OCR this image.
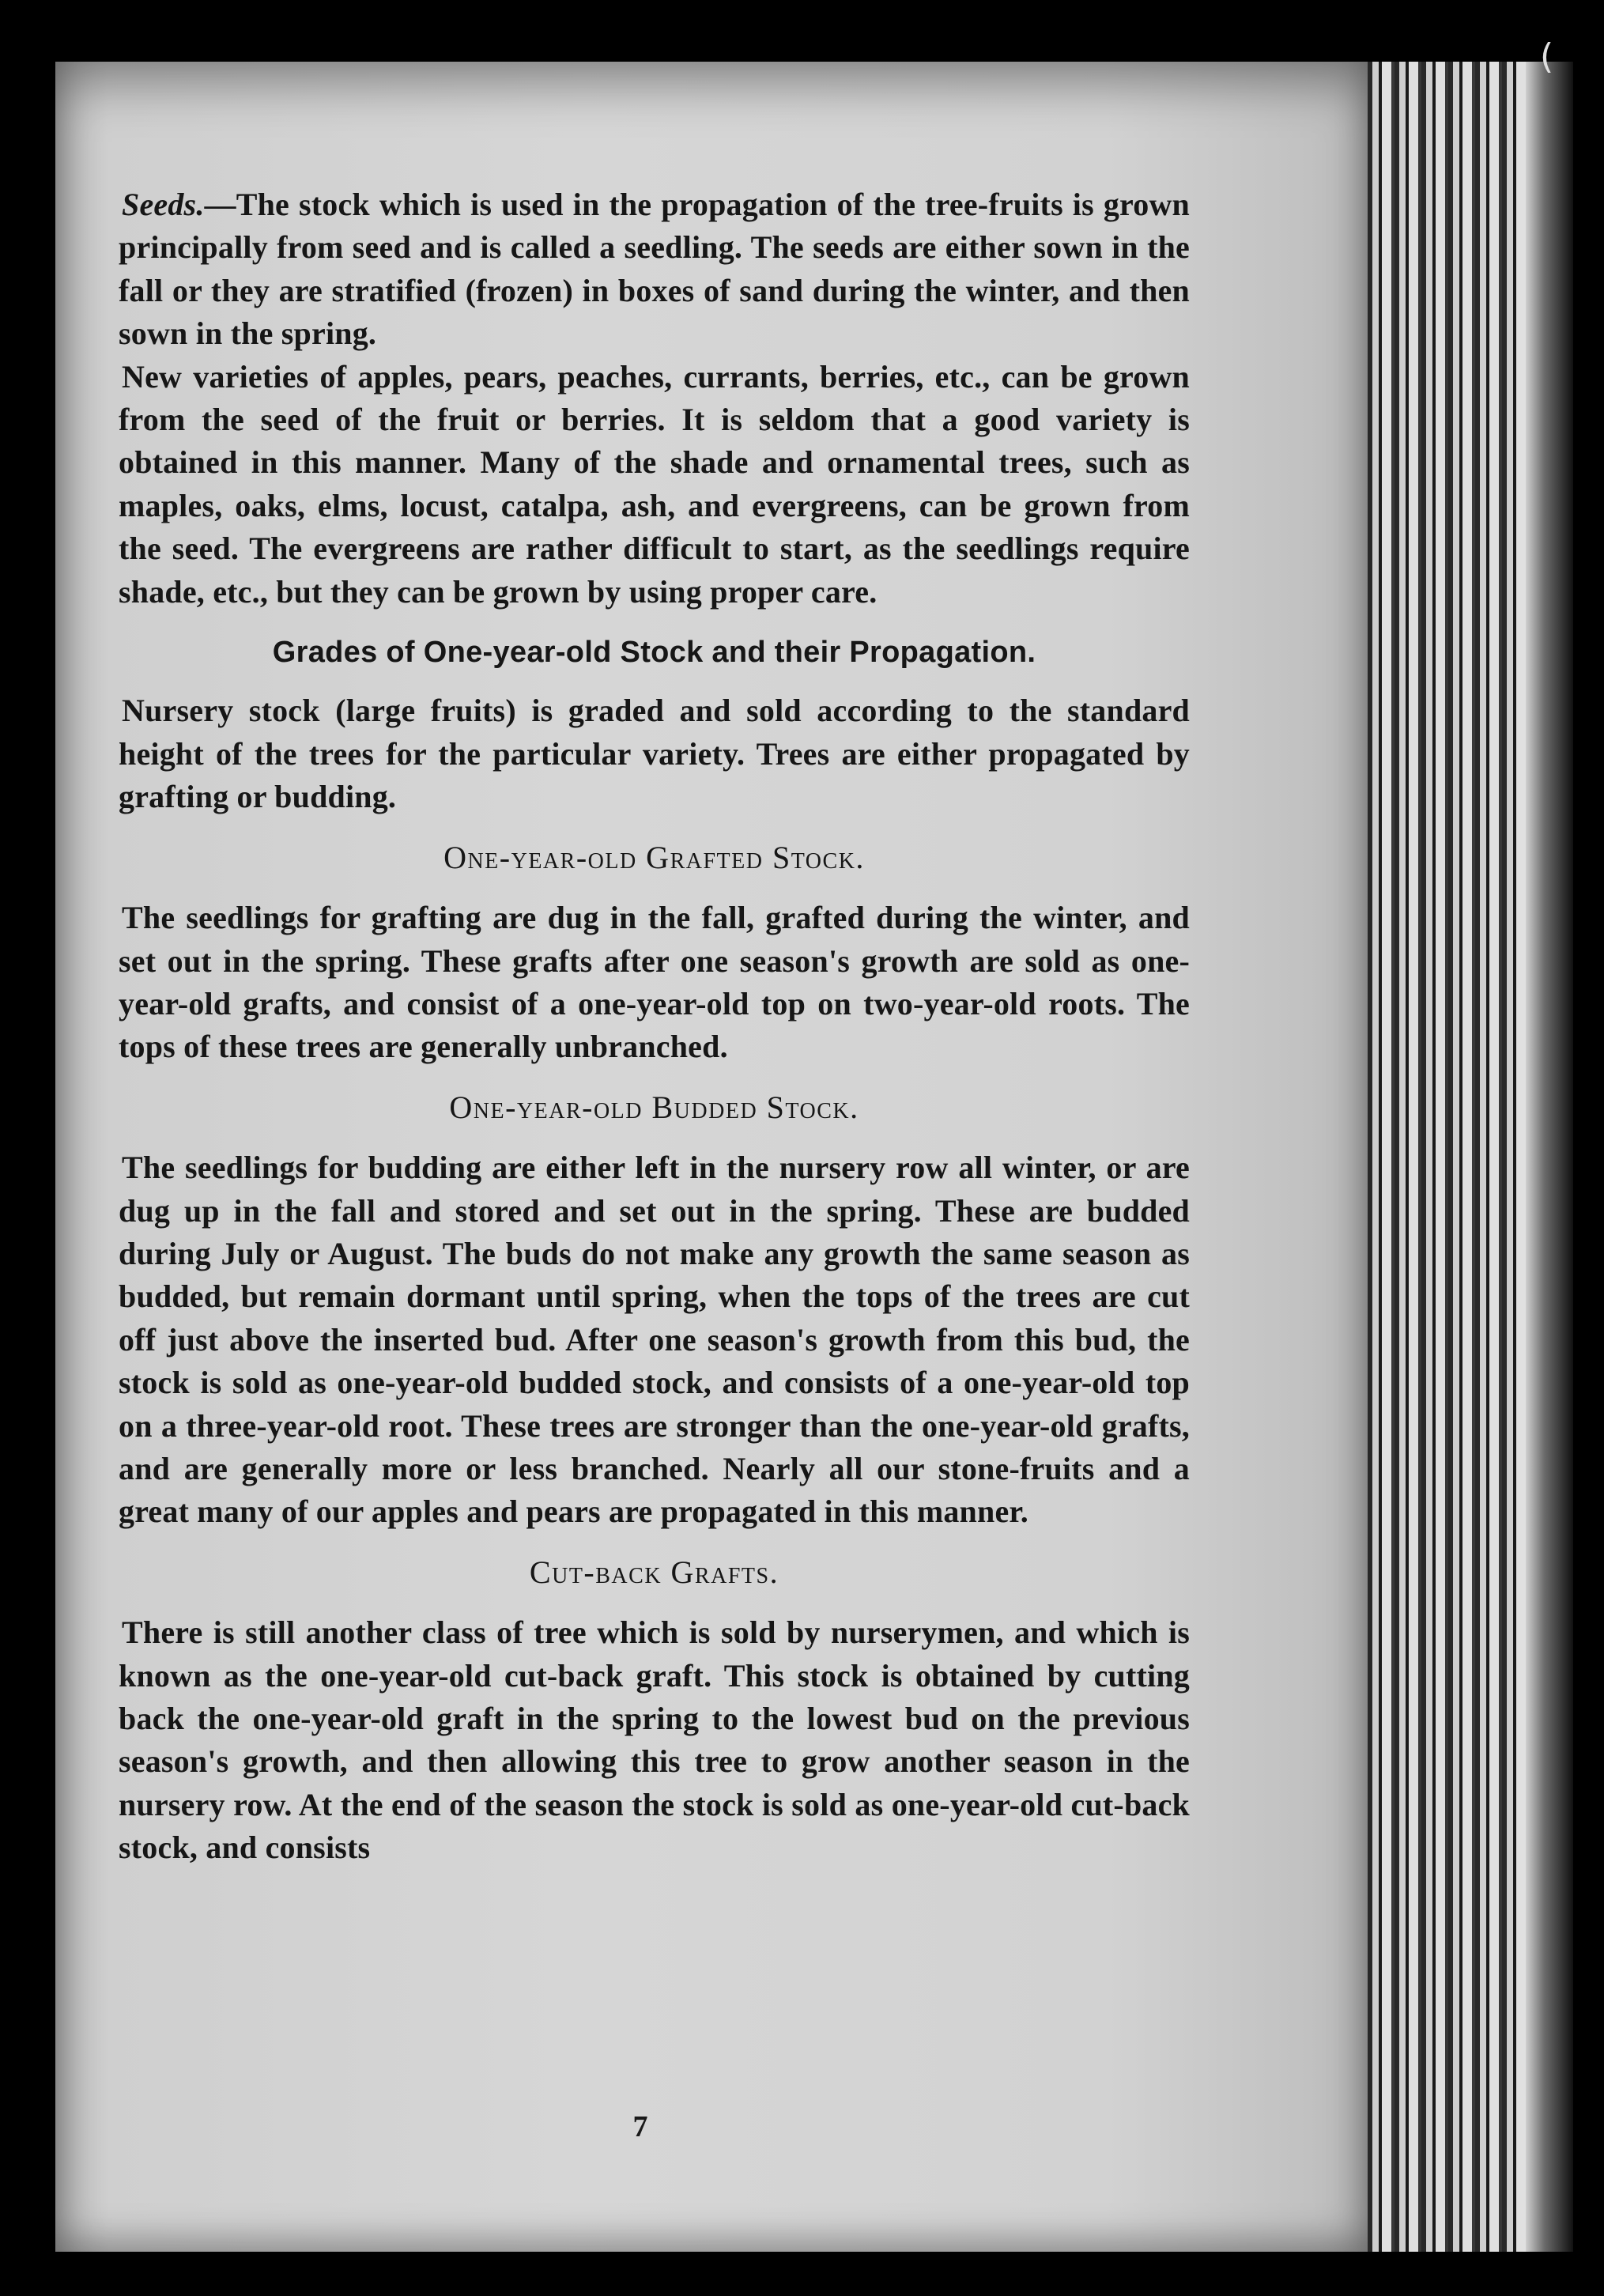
(

Seeds.—The stock which is used in the propagation of the tree-fruits is grown principally from seed and is called a seedling. The seeds are either sown in the fall or they are stratified (frozen) in boxes of sand during the winter, and then sown in the spring.

New varieties of apples, pears, peaches, currants, berries, etc., can be grown from the seed of the fruit or berries. It is seldom that a good variety is obtained in this manner. Many of the shade and ornamental trees, such as maples, oaks, elms, locust, catalpa, ash, and evergreens, can be grown from the seed. The evergreens are rather difficult to start, as the seedlings require shade, etc., but they can be grown by using proper care.

Grades of One-year-old Stock and their Propagation.

Nursery stock (large fruits) is graded and sold according to the standard height of the trees for the particular variety. Trees are either propagated by grafting or budding.

One-year-old Grafted Stock.

The seedlings for grafting are dug in the fall, grafted during the winter, and set out in the spring. These grafts after one season's growth are sold as one-year-old grafts, and consist of a one-year-old top on two-year-old roots. The tops of these trees are generally unbranched.

One-year-old Budded Stock.

The seedlings for budding are either left in the nursery row all winter, or are dug up in the fall and stored and set out in the spring. These are budded during July or August. The buds do not make any growth the same season as budded, but remain dormant until spring, when the tops of the trees are cut off just above the inserted bud. After one season's growth from this bud, the stock is sold as one-year-old budded stock, and consists of a one-year-old top on a three-year-old root. These trees are stronger than the one-year-old grafts, and are generally more or less branched. Nearly all our stone-fruits and a great many of our apples and pears are propagated in this manner.

Cut-back Grafts.

There is still another class of tree which is sold by nurserymen, and which is known as the one-year-old cut-back graft. This stock is obtained by cutting back the one-year-old graft in the spring to the lowest bud on the previous season's growth, and then allowing this tree to grow another season in the nursery row. At the end of the season the stock is sold as one-year-old cut-back stock, and consists

7
